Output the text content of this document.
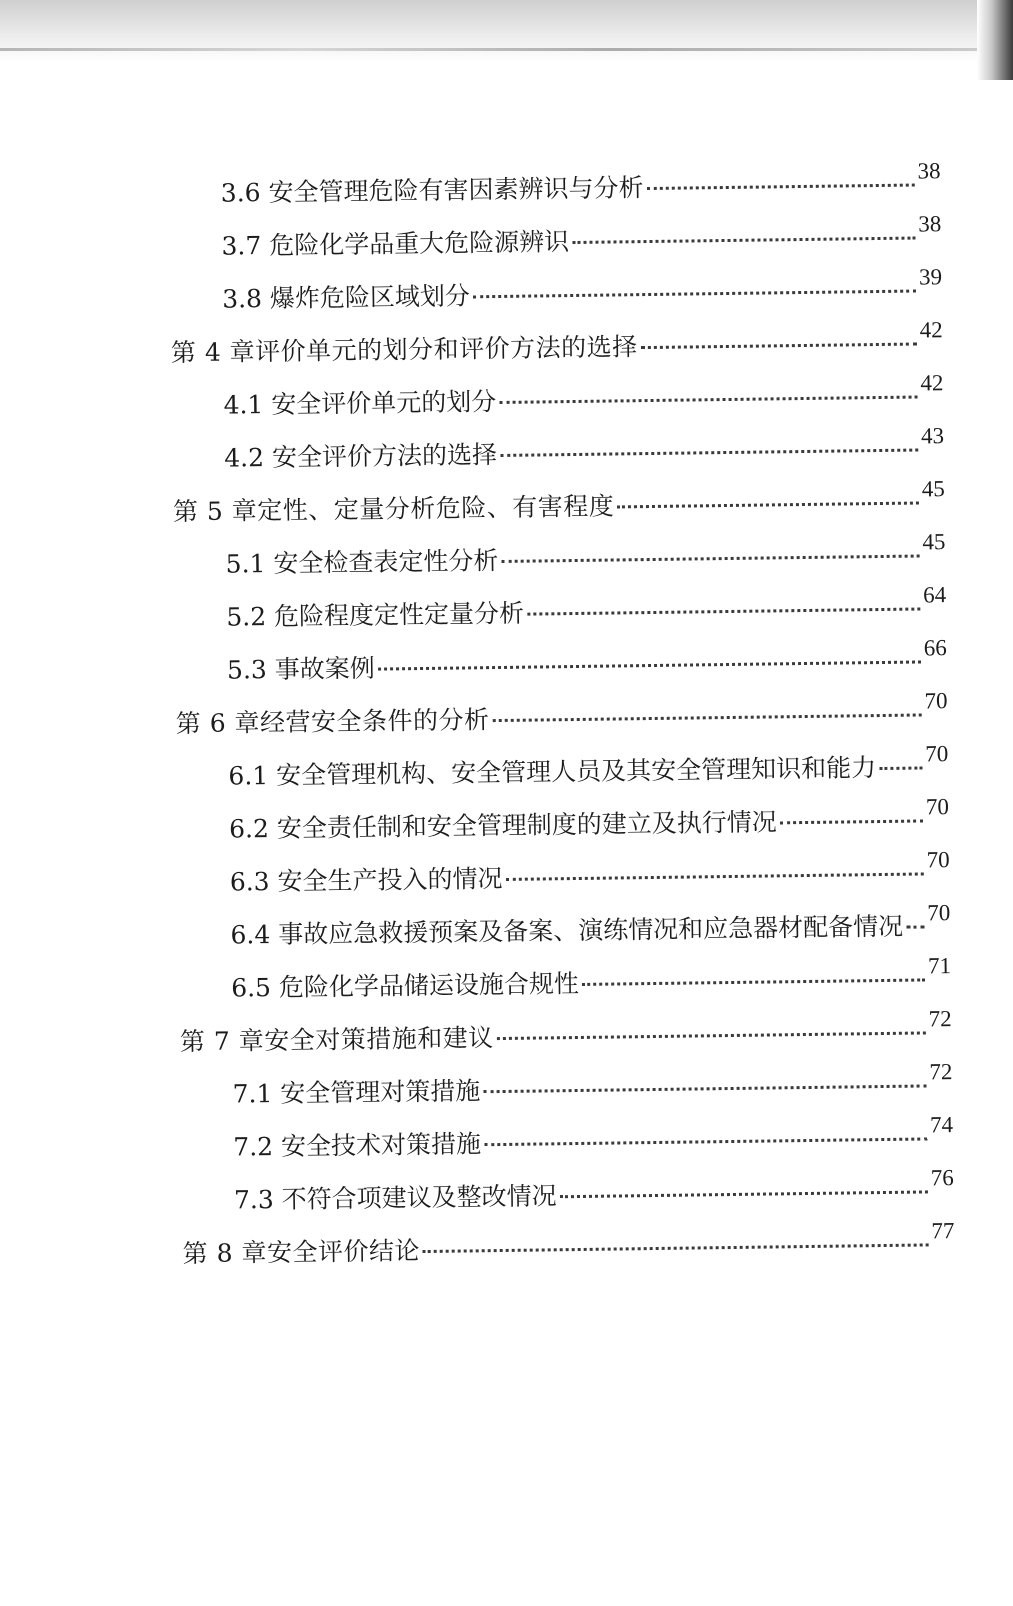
3.6 安全管理危险有害因素辨识与分析
38
3.7 危险化学品重大危险源辨识
38
3.8 爆炸危险区域划分
39
第 4 章评价单元的划分和评价方法的选择
42
4.1 安全评价单元的划分
42
4.2 安全评价方法的选择
43
第 5 章定性、定量分析危险、有害程度
45
5.1 安全检查表定性分析
45
5.2 危险程度定性定量分析
64
5.3 事故案例
66
第 6 章经营安全条件的分析
70
6.1 安全管理机构、安全管理人员及其安全管理知识和能力 70
6.2 安全责任制和安全管理制度的建立及执行情况
70
6.3 安全生产投入的情况
70
6.4 事故应急救援预案及备案、演练情况和应急器材配备情况 70
6.5 危险化学品储运设施合规性
71
第 7 章安全对策措施和建议
72
7.1 安全管理对策措施
72
7.2 安全技术对策措施
74
7.3 不符合项建议及整改情况
76
第 8 章安全评价结论
77
